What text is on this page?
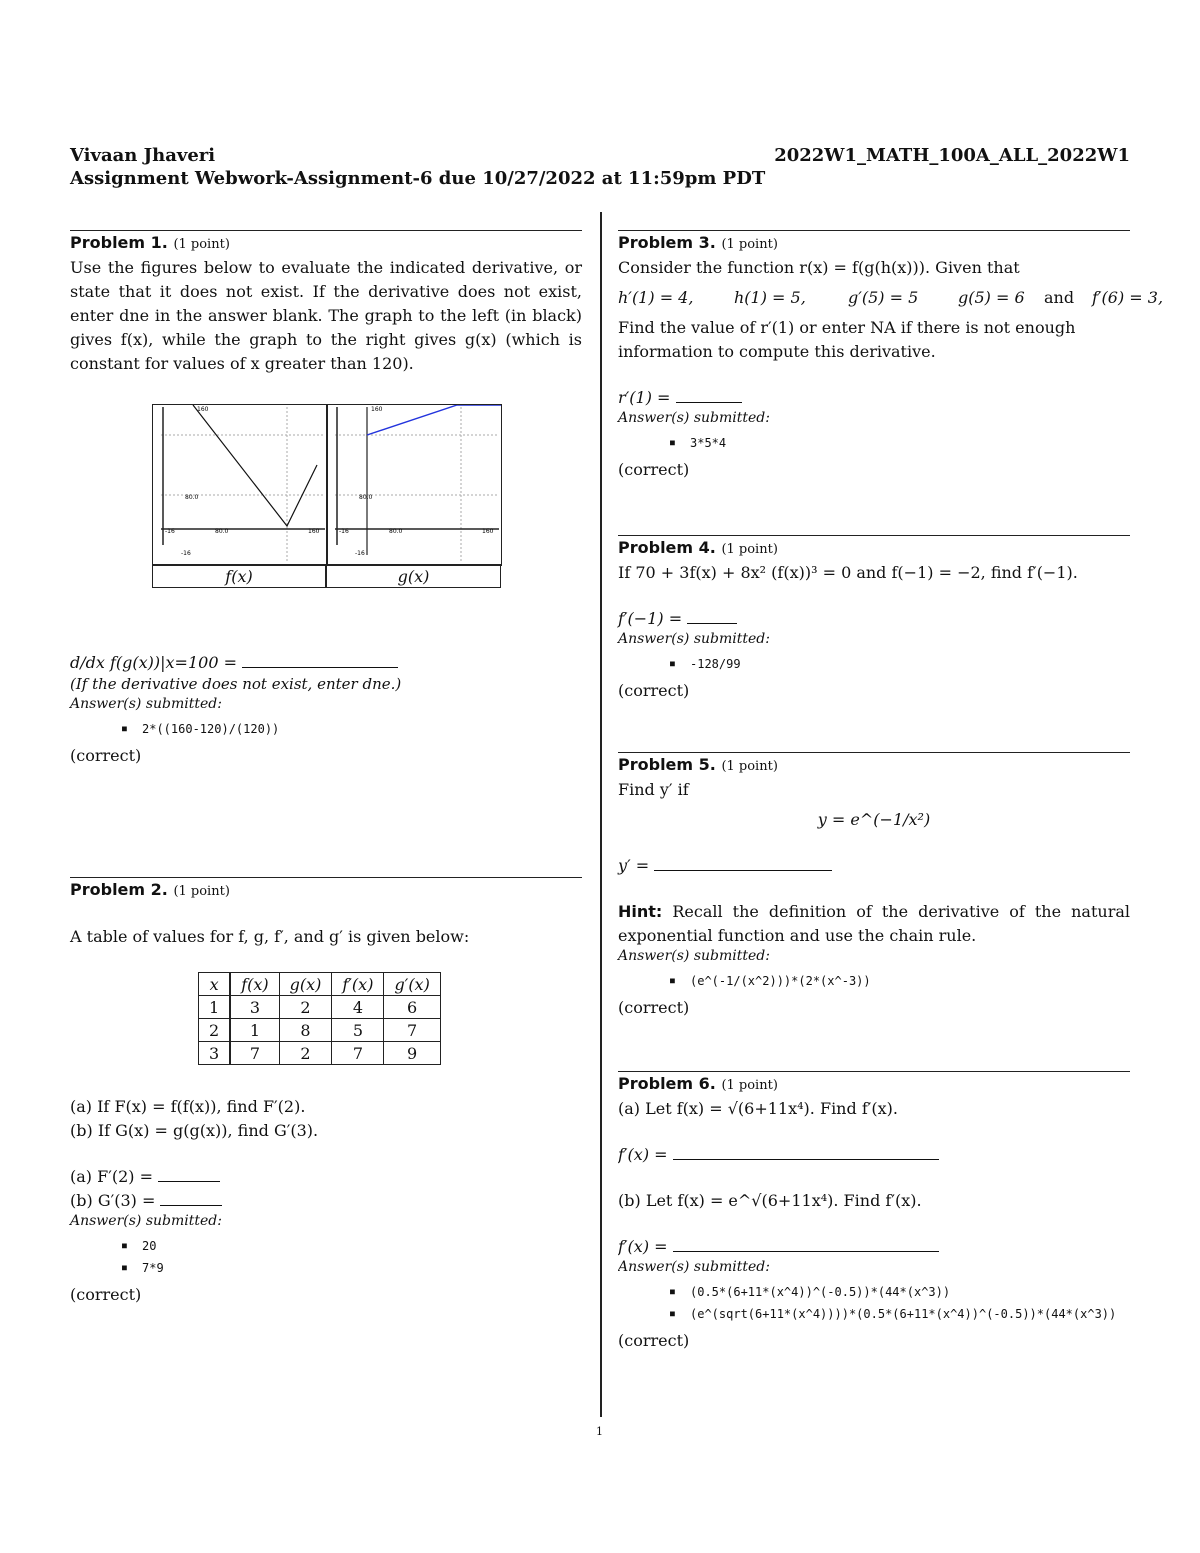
Vivaan Jhaveri	2022W1_MATH_100A_ALL_2022W1
Assignment Webwork-Assignment-6 due 10/27/2022 at 11:59pm PDT
Problem 1. (1 point)
Use the figures below to evaluate the indicated derivative, or state that it does not exist. If the derivative does not exist, enter dne in the answer blank. The graph to the left (in black) gives f(x), while the graph to the right gives g(x) (which is constant for values of x greater than 120).
160
80.0
-16	80.0	160
-16
160
80.0
-16	80.0	160
-16
f(x)	g(x)
d/dx f(g(x))|x=100 =
(If the derivative does not exist, enter dne.)
Answer(s) submitted:
■ 2*((160-120)/(120))
(correct)
Problem 2. (1 point)
A table of values for f, g, f′, and g′ is given below:
x	f(x)	g(x)	f′(x)	g′(x)
1	3	2	4	6
2	1	8	5	7
3	7	2	7	9
(a) If F(x) = f(f(x)), find F′(2).
(b) If G(x) = g(g(x)), find G′(3).
(a) F′(2) =
(b) G′(3) =
Answer(s) submitted:
■ 20
■ 7*9
(correct)
Problem 3. (1 point)
Consider the function r(x) = f(g(h(x))). Given that
h′(1) = 4,	h(1) = 5,	g′(5) = 5	g(5) = 6	and	f′(6) = 3,
Find the value of r′(1) or enter NA if there is not enough information to compute this derivative.
r′(1) =
Answer(s) submitted:
■ 3*5*4
(correct)
Problem 4. (1 point)
If 70 + 3f(x) + 8x² (f(x))³ = 0 and f(−1) = −2, find f′(−1).
f′(−1) =
Answer(s) submitted:
■ -128/99
(correct)
Problem 5. (1 point)
Find y′ if
y = e^(−1/x²)
y′ =
Hint: Recall the definition of the derivative of the natural exponential function and use the chain rule.
Answer(s) submitted:
■ (e^(-1/(x^2)))*(2*(x^-3))
(correct)
Problem 6. (1 point)
(a) Let f(x) = √(6+11x⁴). Find f′(x).
f′(x) =
(b) Let f(x) = e^√(6+11x⁴). Find f′(x).
f′(x) =
Answer(s) submitted:
■ (0.5*(6+11*(x^4))^(-0.5))*(44*(x^3))
■ (e^(sqrt(6+11*(x^4))))*(0.5*(6+11*(x^4))^(-0.5))*(44*(x^3))
(correct)
1
